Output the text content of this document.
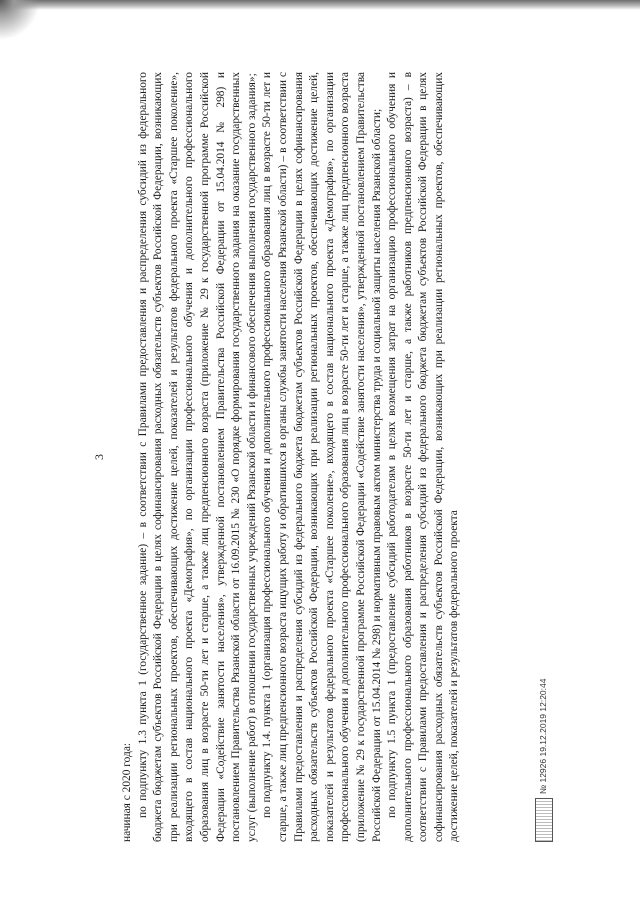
3

начиная с 2020 года: по подпункту 1.3 пункта 1 (государственное задание) – в соответствии с Правилами предоставления и распределения субсидий из федерального бюджета бюджетам субъектов Российской Федерации в целях софинансирования расходных обязательств субъектов Российской Федерации, возникающих при реализации региональных проектов, обеспечивающих достижение целей, показателей и результатов федерального проекта «Старшее поколение», входящего в состав национального проекта «Демография», по организации профессионального обучения и дополнительного профессионального образования лиц в возрасте 50-ти лет и старше, а также лиц предпенсионного возраста (приложение № 29 к государственной программе Российской Федерации «Содействие занятости населения», утвержденной постановлением Правительства Российской Федерации от 15.04.2014 № 298) и постановлением Правительства Рязанской области от 16.09.2015 № 230 «О порядке формирования государственного задания на оказание государственных услуг (выполнение работ) в отношении государственных учреждений Рязанской области и финансового обеспечения выполнения государственного задания»; по подпункту 1.4. пункта 1 (организация профессионального обучения и дополнительного профессионального образования лиц в возрасте 50-ти лет и старше, а также лиц предпенсионного возраста ищущих работу и обратившихся в органы службы занятости населения Рязанской области) – в соответствии с Правилами предоставления и распределения субсидий из федерального бюджета бюджетам субъектов Российской Федерации в целях софинансирования расходных обязательств субъектов Российской Федерации, возникающих при реализации региональных проектов, обеспечивающих достижение целей, показателей и результатов федерального проекта «Старшее поколение», входящего в состав национального проекта «Демография», по организации профессионального обучения и дополнительного профессионального образования лиц в возрасте 50-ти лет и старше, а также лиц предпенсионного возраста (приложение № 29 к государственной программе Российской Федерации «Содействие занятости населения», утвержденной постановлением Правительства Российской Федерации от 15.04.2014 № 298) и нормативным правовым актом министерства труда и социальной защиты населения Рязанской области; по подпункту 1.5 пункта 1 (предоставление субсидий работодателям в целях возмещения затрат на организацию профессионального обучения и дополнительного профессионального образования работников в возрасте 50-ти лет и старше, а также работников предпенсионного возраста) – в соответствии с Правилами предоставления и распределения субсидий из федерального бюджета бюджетам субъектов Российской Федерации в целях софинансирования расходных обязательств субъектов Российской Федерации, возникающих при реализации региональных проектов, обеспечивающих достижение целей, показателей и результатов федерального проекта	№ 12926 19.12.2019 12:20:44
